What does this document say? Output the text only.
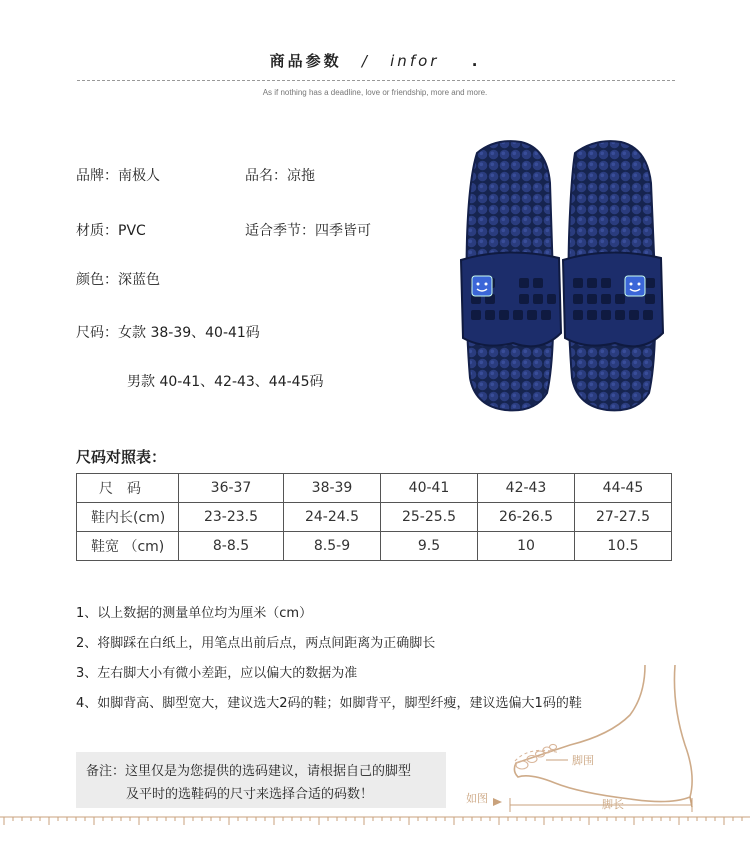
商品参数 / infor .
As if nothing has a deadline, love or friendship, more and more.
品牌：南极人	品名：凉拖
材质：PVC	适合季节：四季皆可
颜色：深蓝色
尺码：女款 38-39、40-41码
男款 40-41、42-43、44-45码
尺码对照表：
尺　码	36-37	38-39	40-41	42-43	44-45
鞋内长(cm)	23-23.5	24-24.5	25-25.5	26-26.5	27-27.5
鞋宽 （cm)	8-8.5	8.5-9	9.5	10	10.5
1、以上数据的测量单位均为厘米（cm）
2、将脚踩在白纸上，用笔点出前后点，两点间距离为正确脚长
3、左右脚大小有微小差距，应以偏大的数据为准
4、如脚背高、脚型宽大，建议选大2码的鞋；如脚背平，脚型纤瘦，建议选偏大1码的鞋
备注：这里仅是为您提供的选码建议，请根据自己的脚型
及平时的选鞋码的尺寸来选择合适的码数！
脚围
脚长
如图
